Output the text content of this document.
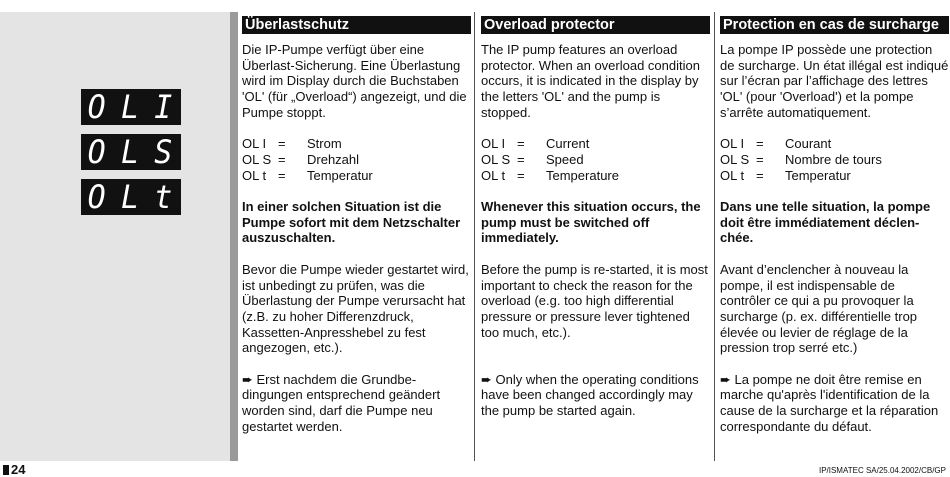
O L I
O L S
O L t
Überlastschutz

Die IP-Pumpe verfügt über eine Überlast-Sicherung. Eine Überlastung wird im Display durch die Buchstaben 'OL' (für „Overload“) angezeigt, und die Pumpe stoppt.

OL I =	Strom
OL S =	Drehzahl
OL t =	Temperatur

In einer solchen Situation ist die Pumpe sofort mit dem Netzschalter auszuschalten.

Bevor die Pumpe wieder gestartet wird, ist unbedingt zu prüfen, was die Überlastung der Pumpe verursacht hat (z.B. zu hoher Differenzdruck, Kassetten-Anpresshebel zu fest angezogen, etc.).

➨ Erst nachdem die Grundbe-dingungen entsprechend geändert worden sind, darf die Pumpe neu gestartet werden.

Overload protector

The IP pump features an overload protector. When an overload condition occurs, it is indicated in the display by the letters 'OL' and the pump is stopped.

OL I =	Current
OL S =	Speed
OL t =	Temperature

Whenever this situation occurs, the pump must be switched off immediately.

Before the pump is re-started, it is most important to check the reason for the overload (e.g. too high differential pressure or pressure lever tightened too much, etc.).

➨ Only when the operating conditions have been changed accordingly may the pump be started again.

Protection en cas de surcharge

La pompe IP possède une protection de surcharge. Un état illégal est indiqué sur l’écran par l’affichage des lettres 'OL' (pour 'Overload') et la pompe s’arrête automatiquement.

OL I =	Courant
OL S =	Nombre de tours
OL t =	Temperatur

Dans une telle situation, la pompe doit être immédiatement déclen-chée.

Avant d’enclencher à nouveau la pompe, il est indispensable de contrôler ce qui a pu provoquer la surcharge (p. ex. différentielle trop élevée ou levier de réglage de la pression trop serré etc.)

➨ La pompe ne doit être remise en marche qu'après l'identification de la cause de la surcharge et la réparation correspondante du défaut.

24	IP/ISMATEC SA/25.04.2002/CB/GP
